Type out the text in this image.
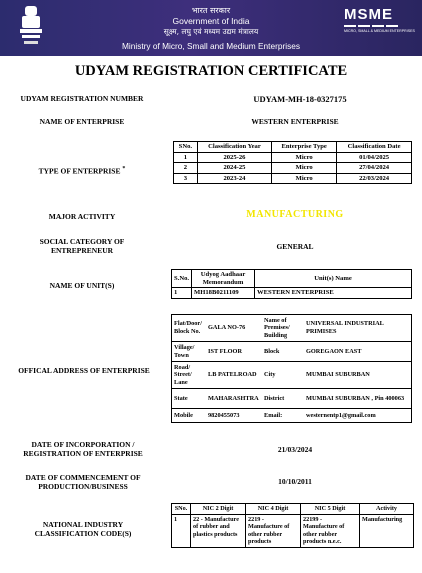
भारत सरकार
Government of India
सूक्ष्म, लघु एवं मध्यम उद्यम मंत्रालय
Ministry of Micro, Small and Medium Enterprises
MSME
MICRO, SMALL & MEDIUM ENTERPRISES
UDYAM REGISTRATION CERTIFICATE
UDYAM REGISTRATION NUMBER	UDYAM-MH-18-0327175
NAME OF ENTERPRISE	WESTERN ENTERPRISE
TYPE OF ENTERPRISE *
SNo.	Classification Year	Enterprise Type	Classification Date
1	2025-26	Micro	01/04/2025
2	2024-25	Micro	27/04/2024
3	2023-24	Micro	22/03/2024
MAJOR ACTIVITY	MANUFACTURING
SOCIAL CATEGORY OF
ENTREPRENEUR	GENERAL
NAME OF UNIT(S)
S.No.	Udyog Aadhaar Memorandum	Unit(s) Name
1	MH18B0211109	WESTERN ENTERPRISE
OFFICAL ADDRESS OF ENTERPRISE
Flat/Door/ Block No.	GALA NO-76	Name of Premises/ Building	UNIVERSAL INDUSTRIAL PRIMISES
Village/ Town	IST FLOOR	Block	GOREGAON EAST
Road/ Street/ Lane	LB PATELROAD	City	MUMBAI SUBURBAN
State	MAHARASHTRA	District	MUMBAI SUBURBAN , Pin 400063
Mobile	9820455073	Email:	westernentp1@gmail.com
DATE OF INCORPORATION /
REGISTRATION OF ENTERPRISE	21/03/2024
DATE OF COMMENCEMENT OF
PRODUCTION/BUSINESS
10/10/2011
NATIONAL INDUSTRY
CLASSIFICATION CODE(S)
SNo.	NIC 2 Digit	NIC 4 Digit	NIC 5 Digit	Activity
1	22 - Manufacture of rubber and plastics products	2219 - Manufacture of other rubber products	22199 - Manufacture of other rubber products n.e.c.	Manufacturing
